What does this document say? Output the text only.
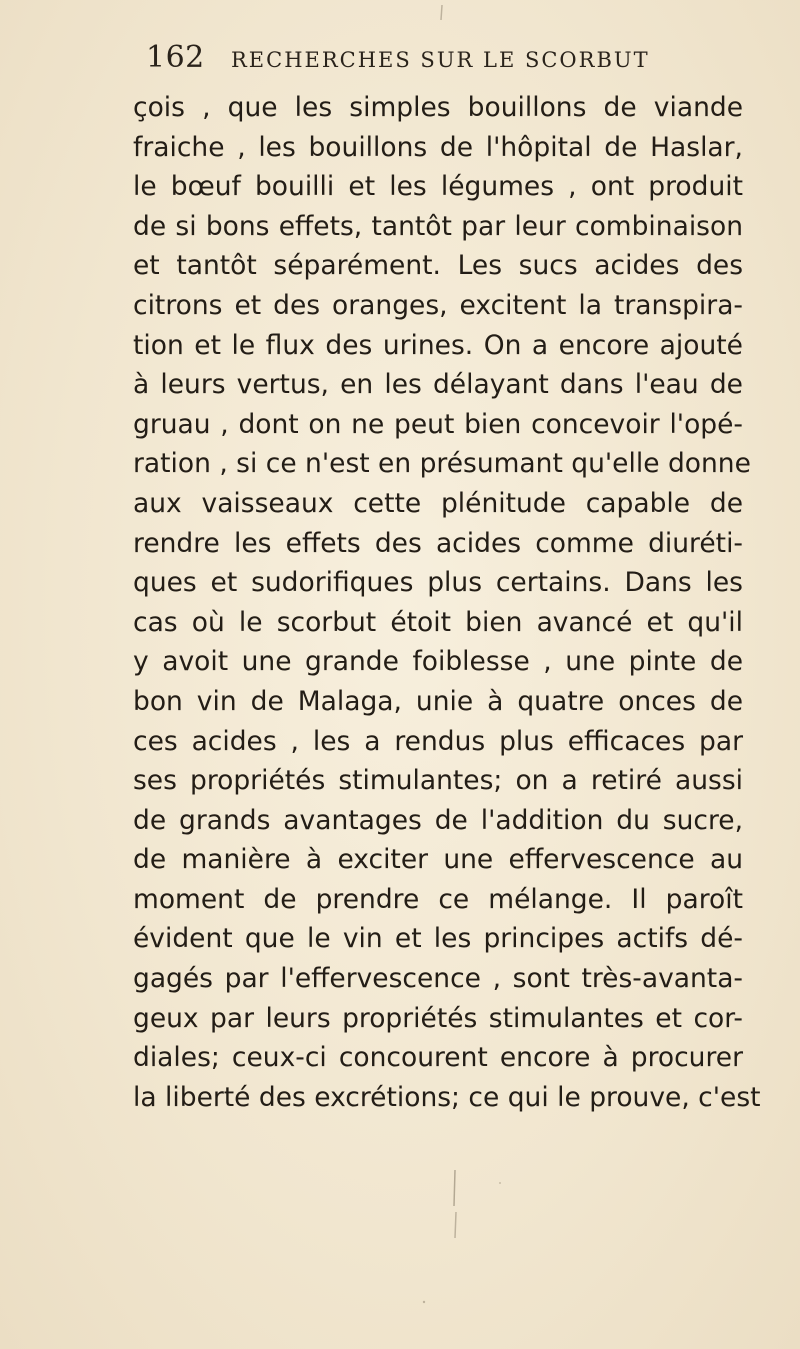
162 RECHERCHES SUR LE SCORBUT
çois , que les simples bouillons de viande
fraiche , les bouillons de l'hôpital de Haslar,
le bœuf bouilli et les légumes , ont produit
de si bons effets, tantôt par leur combinaison
et tantôt séparément. Les sucs acides des
citrons et des oranges, excitent la transpira-
tion et le flux des urines. On a encore ajouté
à leurs vertus, en les délayant dans l'eau de
gruau , dont on ne peut bien concevoir l'opé-
ration , si ce n'est en présumant qu'elle donne
aux vaisseaux cette plénitude capable de
rendre les effets des acides comme diuréti-
ques et sudorifiques plus certains. Dans les
cas où le scorbut étoit bien avancé et qu'il
y avoit une grande foiblesse , une pinte de
bon vin de Malaga, unie à quatre onces de
ces acides , les a rendus plus efficaces par
ses propriétés stimulantes; on a retiré aussi
de grands avantages de l'addition du sucre,
de manière à exciter une effervescence au
moment de prendre ce mélange. Il paroît
évident que le vin et les principes actifs dé-
gagés par l'effervescence , sont très-avanta-
geux par leurs propriétés stimulantes et cor-
diales; ceux-ci concourent encore à procurer
la liberté des excrétions; ce qui le prouve, c'est
